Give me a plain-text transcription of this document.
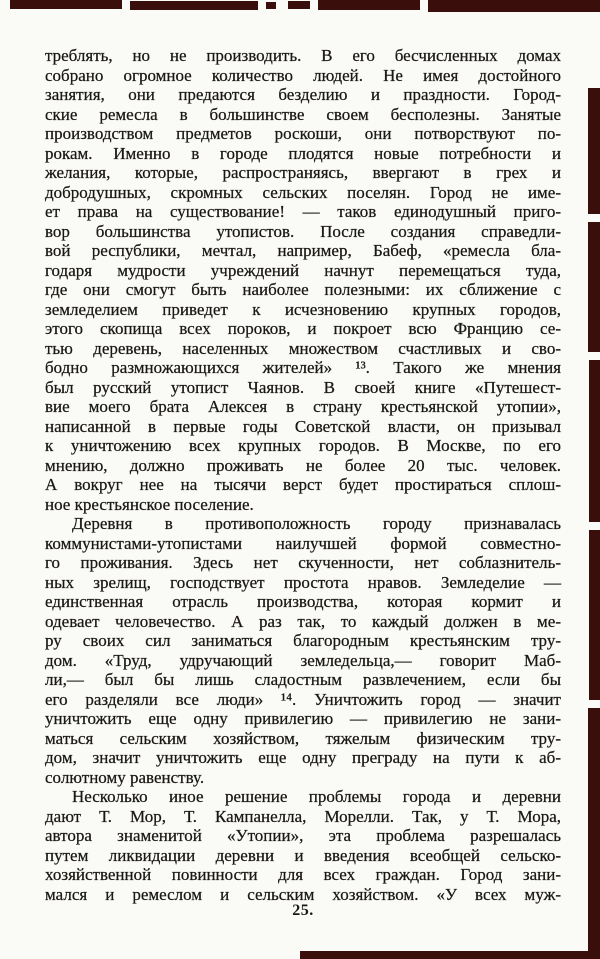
треблять, но не производить. В его бесчисленных домах
собрано огромное количество людей. Не имея достойного
занятия, они предаются безделию и праздности. Город-
ские ремесла в большинстве своем бесполезны. Занятые
производством предметов роскоши, они потворствуют по-
рокам. Именно в городе плодятся новые потребности и
желания, которые, распространяясь, ввергают в грех и
добродушных, скромных сельских поселян. Город не име-
ет права на существование! — таков единодушный приго-
вор большинства утопистов. После создания справедли-
вой республики, мечтал, например, Бабеф, «ремесла бла-
годаря мудрости учреждений начнут перемещаться туда,
где они смогут быть наиболее полезными: их сближение с
земледелием приведет к исчезновению крупных городов,
этого скопища всех пороков, и покроет всю Францию се-
тью деревень, населенных множеством счастливых и сво-
бодно размножающихся жителей» ¹³. Такого же мнения
был русский утопист Чаянов. В своей книге «Путешест-
вие моего брата Алексея в страну крестьянской утопии»,
написанной в первые годы Советской власти, он призывал
к уничтожению всех крупных городов. В Москве, по его
мнению, должно проживать не более 20 тыс. человек.
А вокруг нее на тысячи верст будет простираться сплош-
ное крестьянское поселение.
Деревня в противоположность городу признавалась
коммунистами-утопистами наилучшей формой совместно-
го проживания. Здесь нет скученности, нет соблазнитель-
ных зрелищ, господствует простота нравов. Земледелие —
единственная отрасль производства, которая кормит и
одевает человечество. А раз так, то каждый должен в ме-
ру своих сил заниматься благородным крестьянским тру-
дом. «Труд, удручающий земледельца,— говорит Маб-
ли,— был бы лишь сладостным развлечением, если бы
его разделяли все люди» ¹⁴. Уничтожить город — значит
уничтожить еще одну привилегию — привилегию не зани-
маться сельским хозяйством, тяжелым физическим тру-
дом, значит уничтожить еще одну преграду на пути к аб-
солютному равенству.
Несколько иное решение проблемы города и деревни
дают Т. Мор, Т. Кампанелла, Морелли. Так, у Т. Мора,
автора знаменитой «Утопии», эта проблема разрешалась
путем ликвидации деревни и введения всеобщей сельско-
хозяйственной повинности для всех граждан. Город зани-
мался и ремеслом и сельским хозяйством. «У всех муж-
25.
